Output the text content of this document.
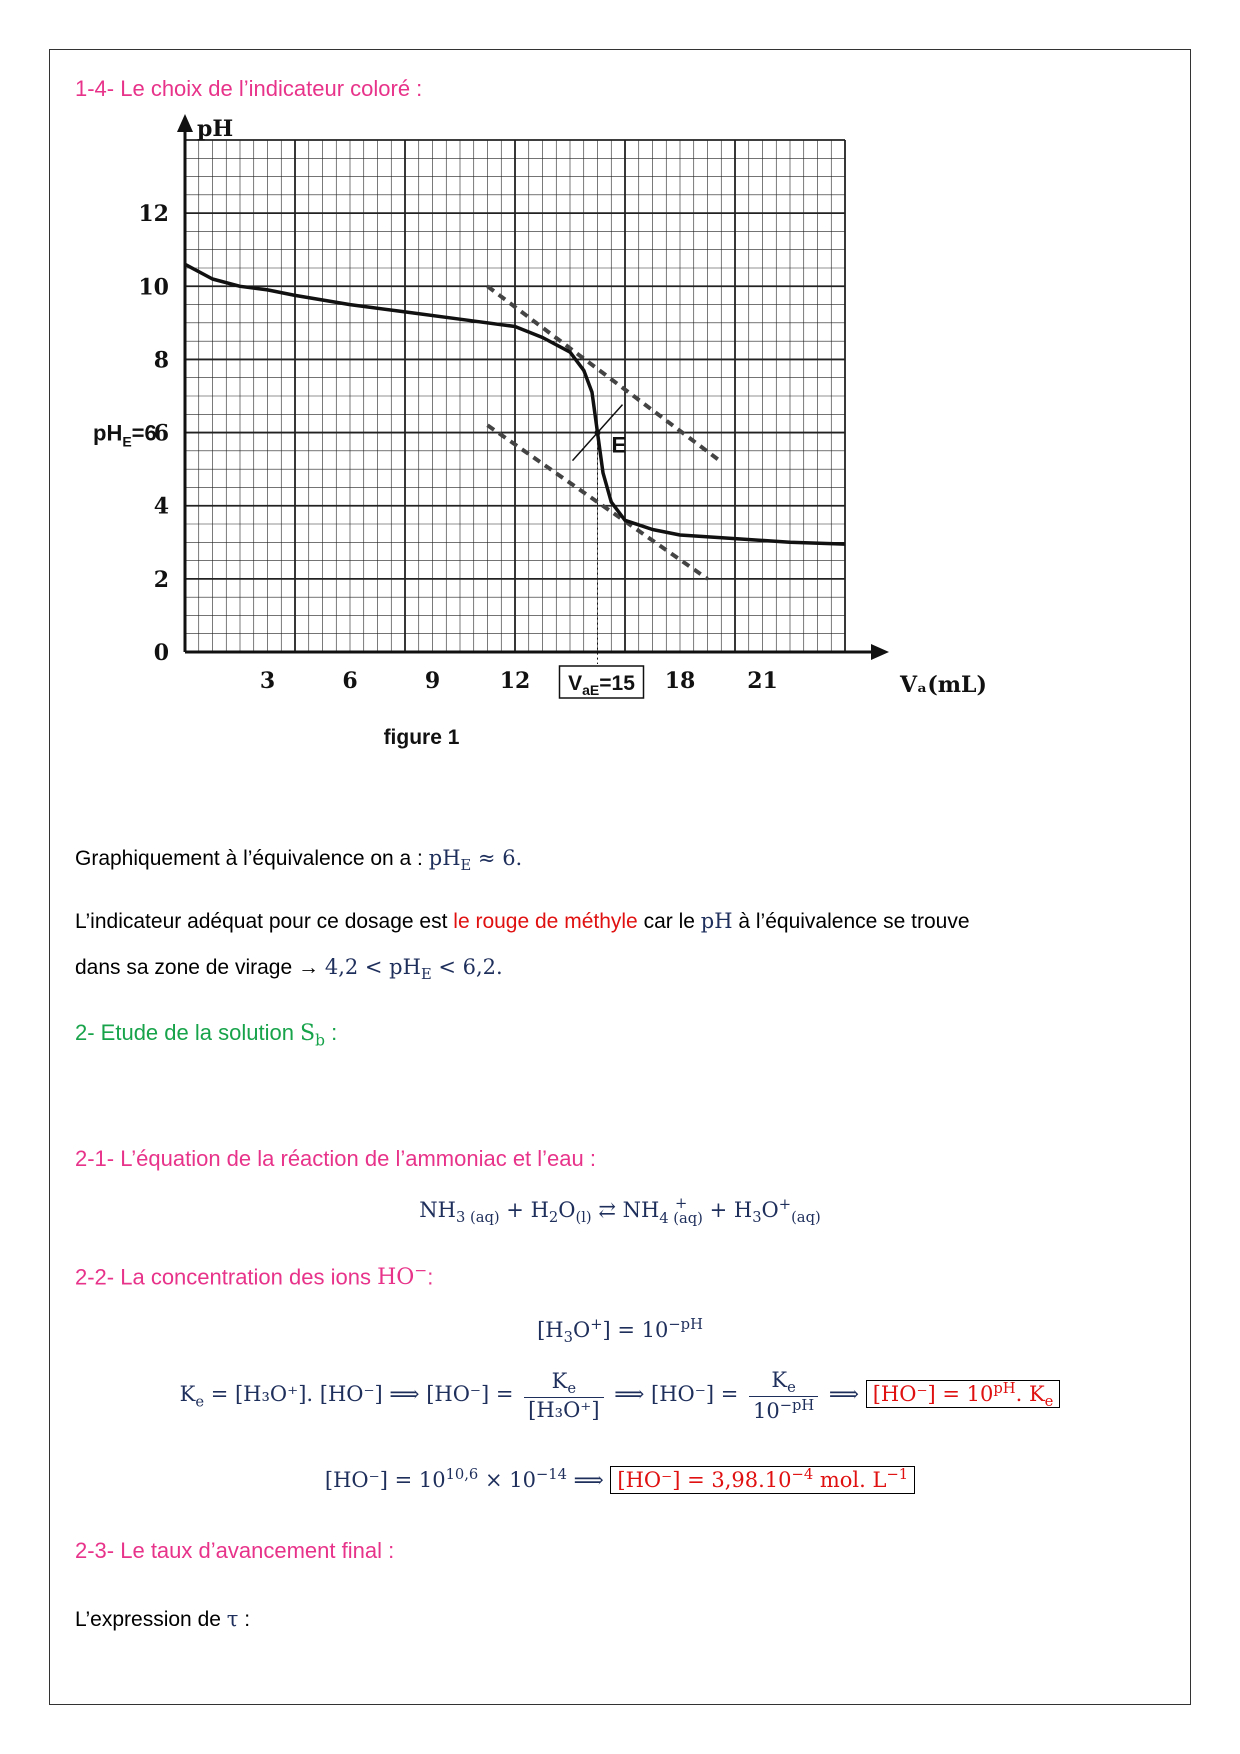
1-4- Le choix de l’indicateur coloré :
3	6	9	12	18 21
0
2
4
6
8
10
12
pH
Vₐ(mL)
E
$pH_E=6$
$V_{aE}=15$
figure 1
Graphiquement à l’équivalence on a : $pH_E \approx 6$.
L’indicateur adéquat pour ce dosage est le rouge de méthyle car le pH à l’équivalence se trouve
dans sa zone de virage → $4,2 < pH_E < 6,2$.
2- Etude de la solution $S_b$ :
2-1- L’équation de la réaction de l’ammoniac et l’eau :
$NH_{3 (aq)} + H_2O_{(l)}$ ⇄ NH	+
4 $(aq) + H_3O^+_{(aq)}$
2-2- La concentration des ions HO−:
$[H_3O^+] = 10^{-pH}$
$K_e = [H_3O^+]$. [HO⁻] ⟹ $[HO^-] = \frac{K_e}{\text{[H₃O⁺]}}$ ⟹ $[HO^-] = \frac{K_e}{10^{-pH}}$ ⟹ $[HO^-] = 10^{pH}$. $K_e$
$[HO^-] = 10^{10,6} \times 10^{-14}$ ⟹ $[HO^-] = 3,98.10^{-4}$ mol. $L^{-1}$
2-3- Le taux d’avancement final :
L’expression de τ :
